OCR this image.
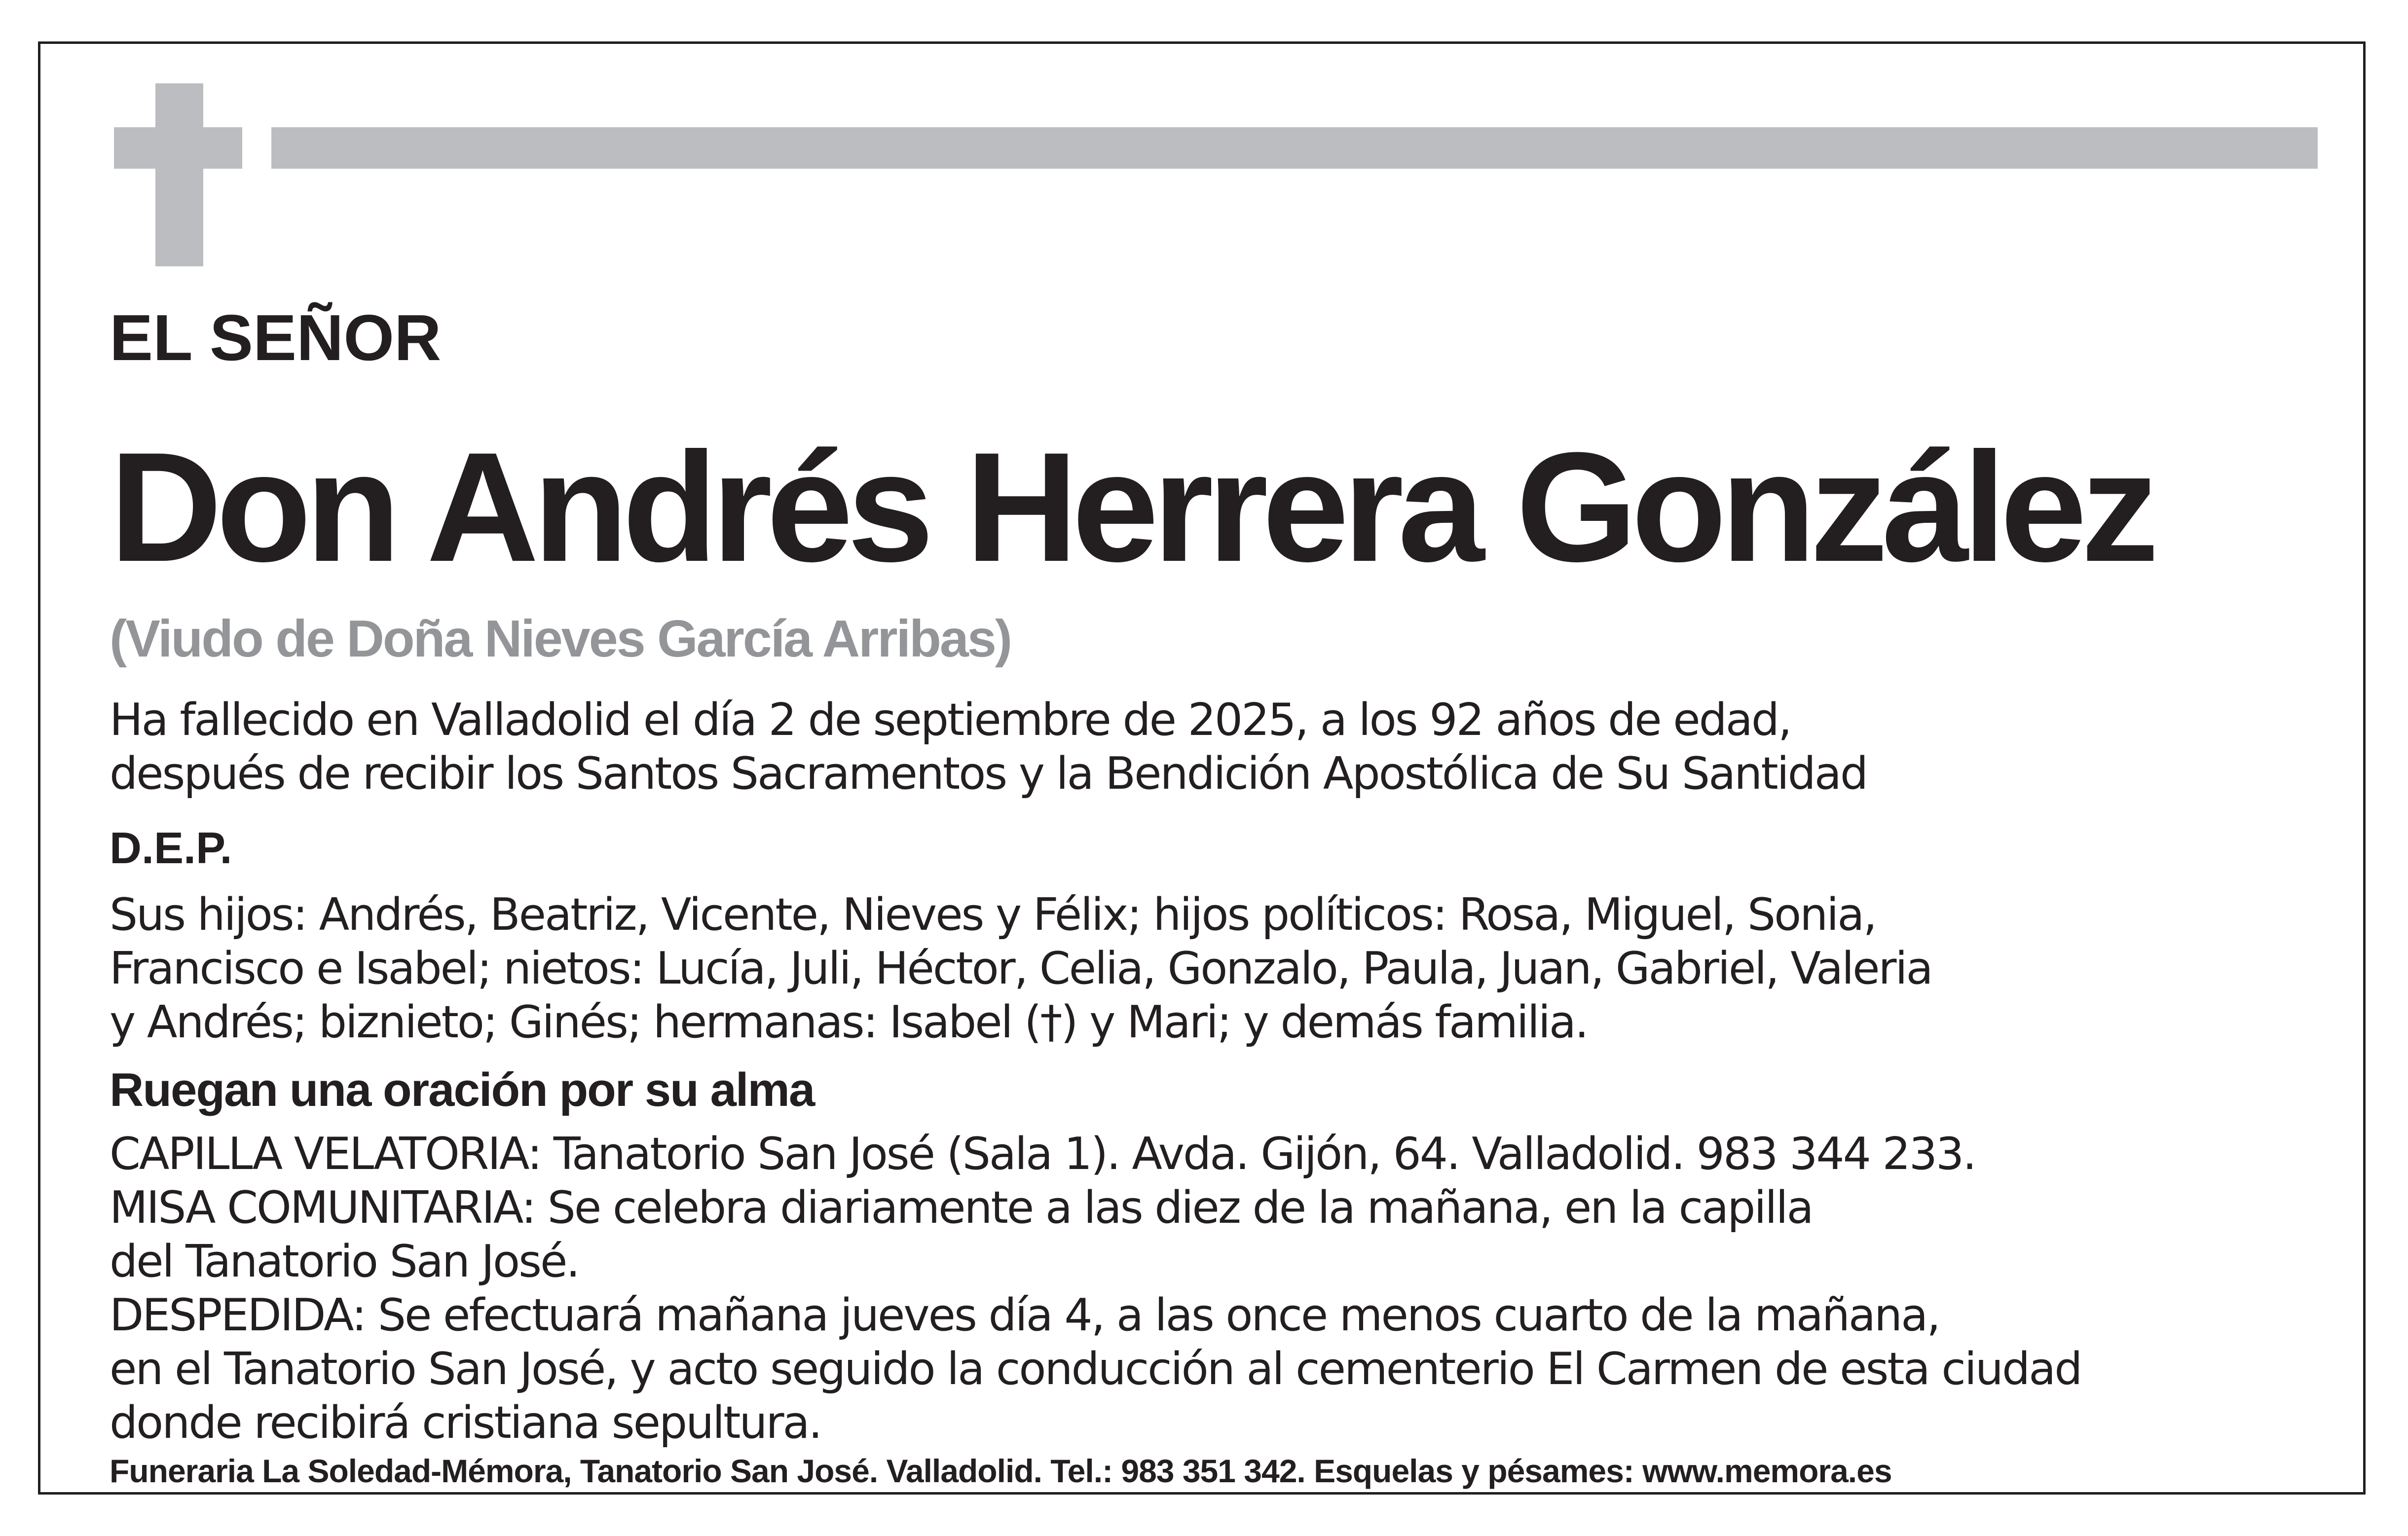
EL SEÑOR

Don Andrés Herrera González

(Viudo de Doña Nieves García Arribas)

Ha fallecido en Valladolid el día 2 de septiembre de 2025, a los 92 años de edad,
después de recibir los Santos Sacramentos y la Bendición Apostólica de Su Santidad

D.E.P.

Sus hijos: Andrés, Beatriz, Vicente, Nieves y Félix; hijos políticos: Rosa, Miguel, Sonia,
Francisco e Isabel; nietos: Lucía, Juli, Héctor, Celia, Gonzalo, Paula, Juan, Gabriel, Valeria
y Andrés; biznieto; Ginés; hermanas: Isabel (†) y Mari; y demás familia.

Ruegan una oración por su alma

CAPILLA VELATORIA: Tanatorio San José (Sala 1). Avda. Gijón, 64. Valladolid. 983 344 233.
MISA COMUNITARIA: Se celebra diariamente a las diez de la mañana, en la capilla
del Tanatorio San José.
DESPEDIDA: Se efectuará mañana jueves día 4, a las once menos cuarto de la mañana,
en el Tanatorio San José, y acto seguido la conducción al cementerio El Carmen de esta ciudad
donde recibirá cristiana sepultura.

Funeraria La Soledad-Mémora, Tanatorio San José. Valladolid. Tel.: 983 351 342. Esquelas y pésames: www.memora.es
